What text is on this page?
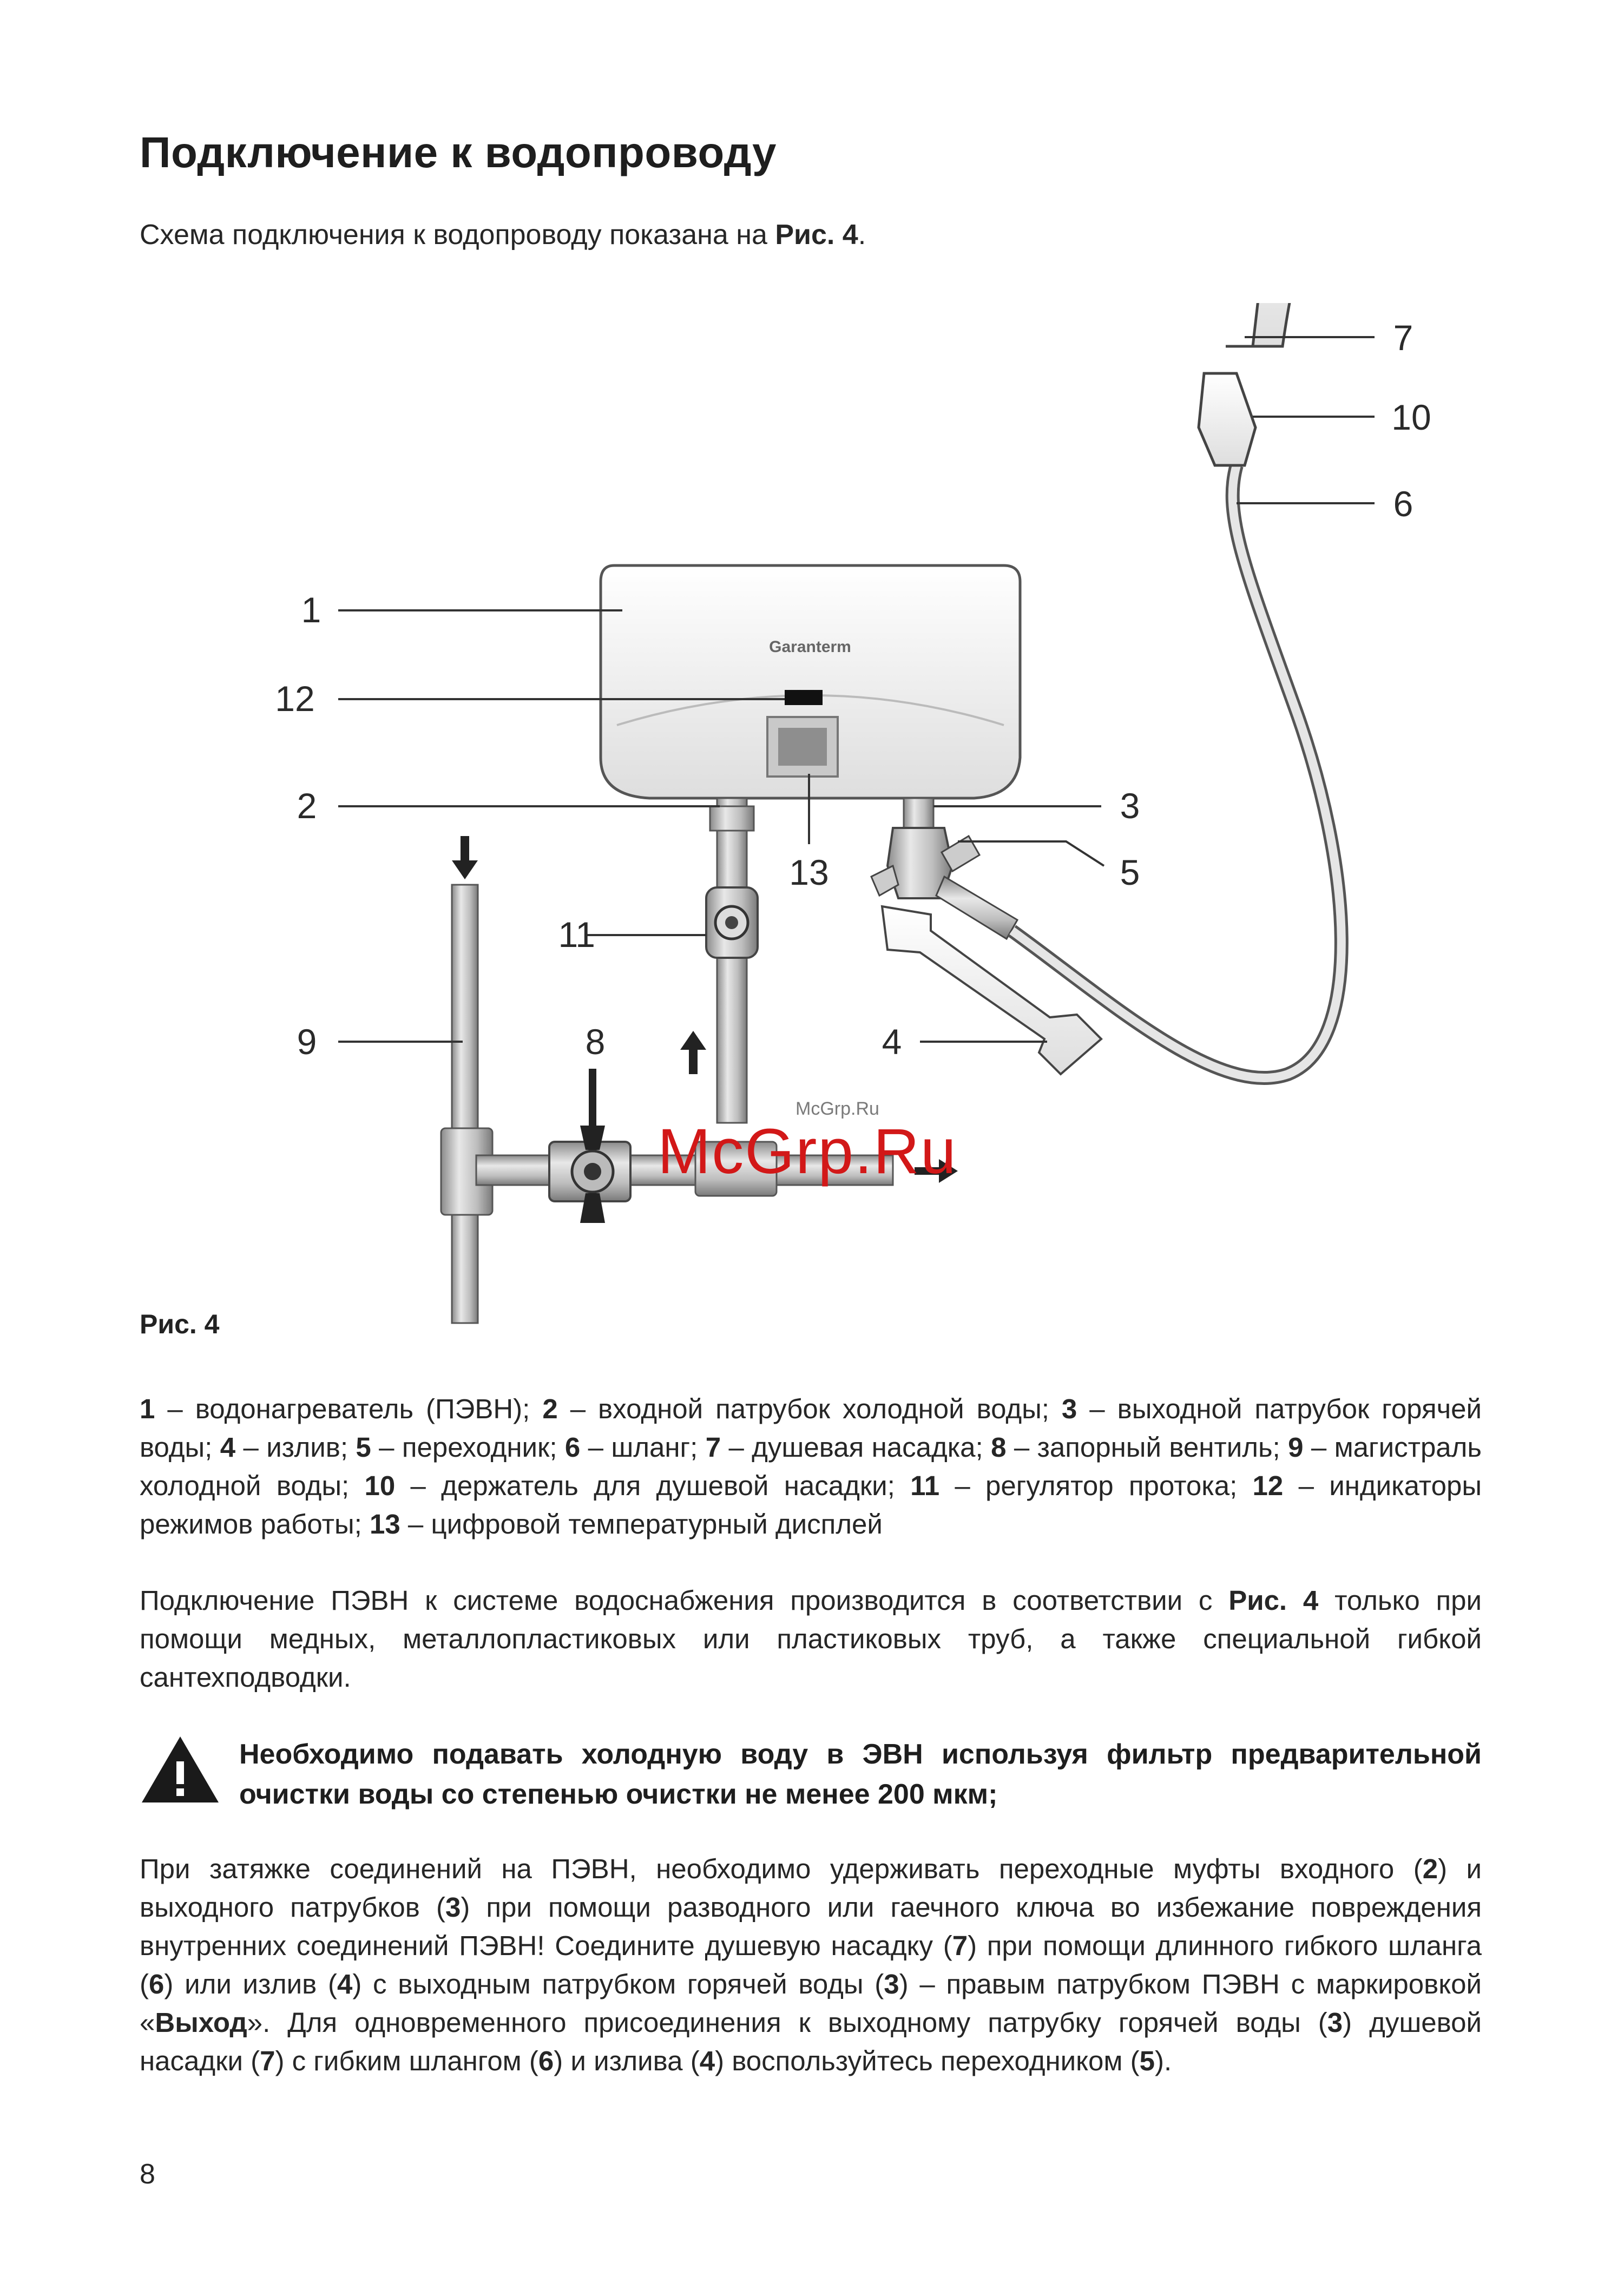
Подключение к водопроводу

Схема подключения к водопроводу показана на Рис. 4.

Garanterm
1
12
2	3
5
13
11
9	8	4
7
10
6
McGrp.Ru
McGrp.Ru

Рис. 4

1 – водонагреватель (ПЭВН); 2 – входной патрубок холодной воды; 3 – выходной патрубок горячей воды; 4 – излив; 5 – переходник; 6 – шланг; 7 – душевая насадка; 8 – запорный вентиль; 9 – магистраль холодной воды; 10 – держатель для душевой насадки; 11 – регулятор протока; 12 – индикаторы режимов работы; 13 – цифровой температурный дисплей

Подключение ПЭВН к системе водоснабжения производится в соответствии с Рис. 4 только при помощи медных, металлопластиковых или пластиковых труб, а также специальной гибкой сантехподводки.

Необходимо подавать холодную воду в ЭВН используя фильтр предварительной очистки воды со степенью очистки не менее 200 мкм;

При затяжке соединений на ПЭВН, необходимо удерживать переходные муфты входного (2) и выходного патрубков (3) при помощи разводного или гаечного ключа во избежание повреждения внутренних соединений ПЭВН! Соедините душевую насадку (7) при помощи длинного гибкого шланга (6) или излив (4) с выходным патрубком горячей воды (3) – правым патрубком ПЭВН с маркировкой «Выход». Для одновременного присоединения к выходному патрубку горячей воды (3) душевой насадки (7) с гибким шлангом (6) и излива (4) воспользуйтесь переходником (5).

8
